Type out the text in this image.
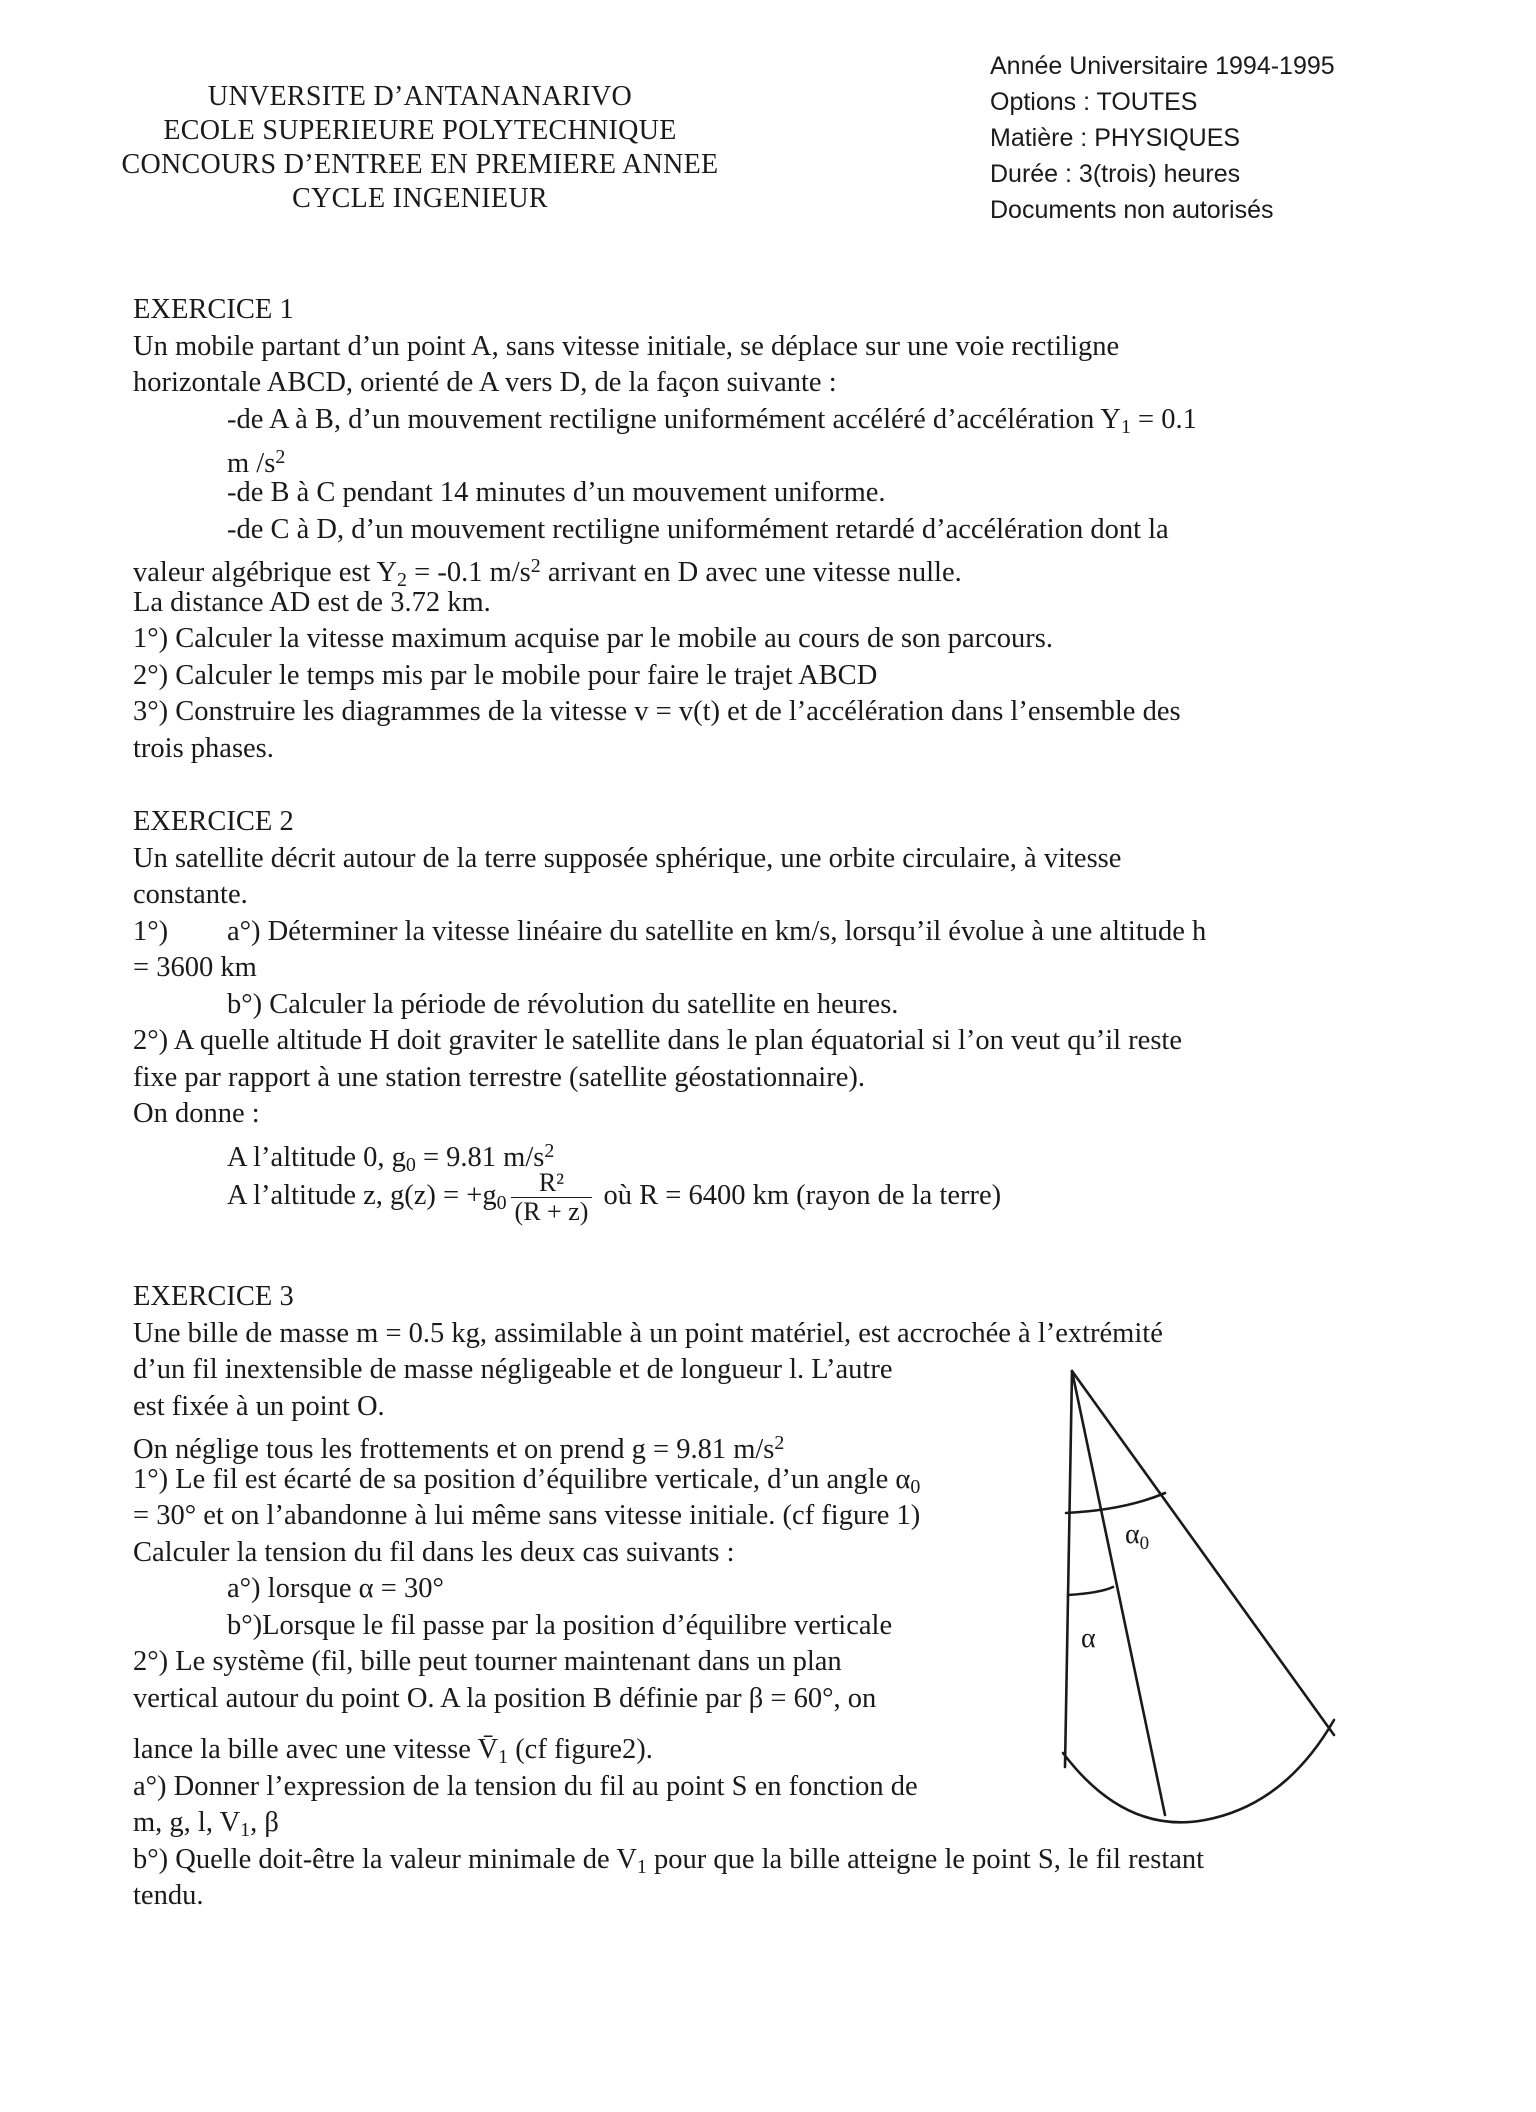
UNVERSITE D’ANTANANARIVO
ECOLE SUPERIEURE POLYTECHNIQUE
CONCOURS D’ENTREE EN PREMIERE ANNEE
CYCLE INGENIEUR
Année Universitaire 1994-1995
Options : TOUTES
Matière : PHYSIQUES
Durée : 3(trois) heures
Documents non autorisés
EXERCICE 1
Un mobile partant d’un point A, sans vitesse initiale, se déplace sur une voie rectiligne
horizontale ABCD, orienté de A vers D, de la façon suivante :
-de A à B, d’un mouvement rectiligne uniformément accéléré d’accélération $Y_1 = 0.1$
m $/s^2$
-de B à C pendant 14 minutes d’un mouvement uniforme.
-de C à D, d’un mouvement rectiligne uniformément retardé d’accélération dont la
valeur algébrique est $Y_2 = -0.1$ $m/s^2$ arrivant en D avec une vitesse nulle.
La distance AD est de 3.72 km.
1°) Calculer la vitesse maximum acquise par le mobile au cours de son parcours.
2°) Calculer le temps mis par le mobile pour faire le trajet ABCD
3°) Construire les diagrammes de la vitesse v = v(t) et de l’accélération dans l’ensemble des
trois phases.
EXERCICE 2
Un satellite décrit autour de la terre supposée sphérique, une orbite circulaire, à vitesse
constante.
1°) a°) Déterminer la vitesse linéaire du satellite en km/s, lorsqu’il évolue à une altitude h
= 3600 km
b°) Calculer la période de révolution du satellite en heures.
2°) A quelle altitude H doit graviter le satellite dans le plan équatorial si l’on veut qu’il reste
fixe par rapport à une station terrestre (satellite géostationnaire).
On donne :
A l’altitude 0, $g_0 = 9.81$ $m/s^2$
A l’altitude z, $g(z) = +g_0 \frac{\text{R²}}{(R + z)}$ où R = 6400 km (rayon de la terre)
EXERCICE 3
Une bille de masse m = 0.5 kg, assimilable à un point matériel, est accrochée à l’extrémité
d’un fil inextensible de masse négligeable et de longueur l. L’autre
est fixée à un point O.
On néglige tous les frottements et on prend g = 9.81 $m/s^2$
1°) Le fil est écarté de sa position d’équilibre verticale, d’un angle $\alpha_0$
= 30° et on l’abandonne à lui même sans vitesse initiale. (cf figure 1)
Calculer la tension du fil dans les deux cas suivants :
a°) lorsque α = 30°
b°)Lorsque le fil passe par la position d’équilibre verticale
2°) Le système (fil, bille peut tourner maintenant dans un plan
vertical autour du point O. A la position B définie par β = 60°, on
lance la bille avec une vitesse $V̄_1$ (cf figure2).
a°) Donner l’expression de la tension du fil au point S en fonction de
m, g, l, $V_1$, β
b°) Quelle doit-être la valeur minimale de $V_1$ pour que la bille atteigne le point S, le fil restant
tendu.
$\alpha_0$
α
